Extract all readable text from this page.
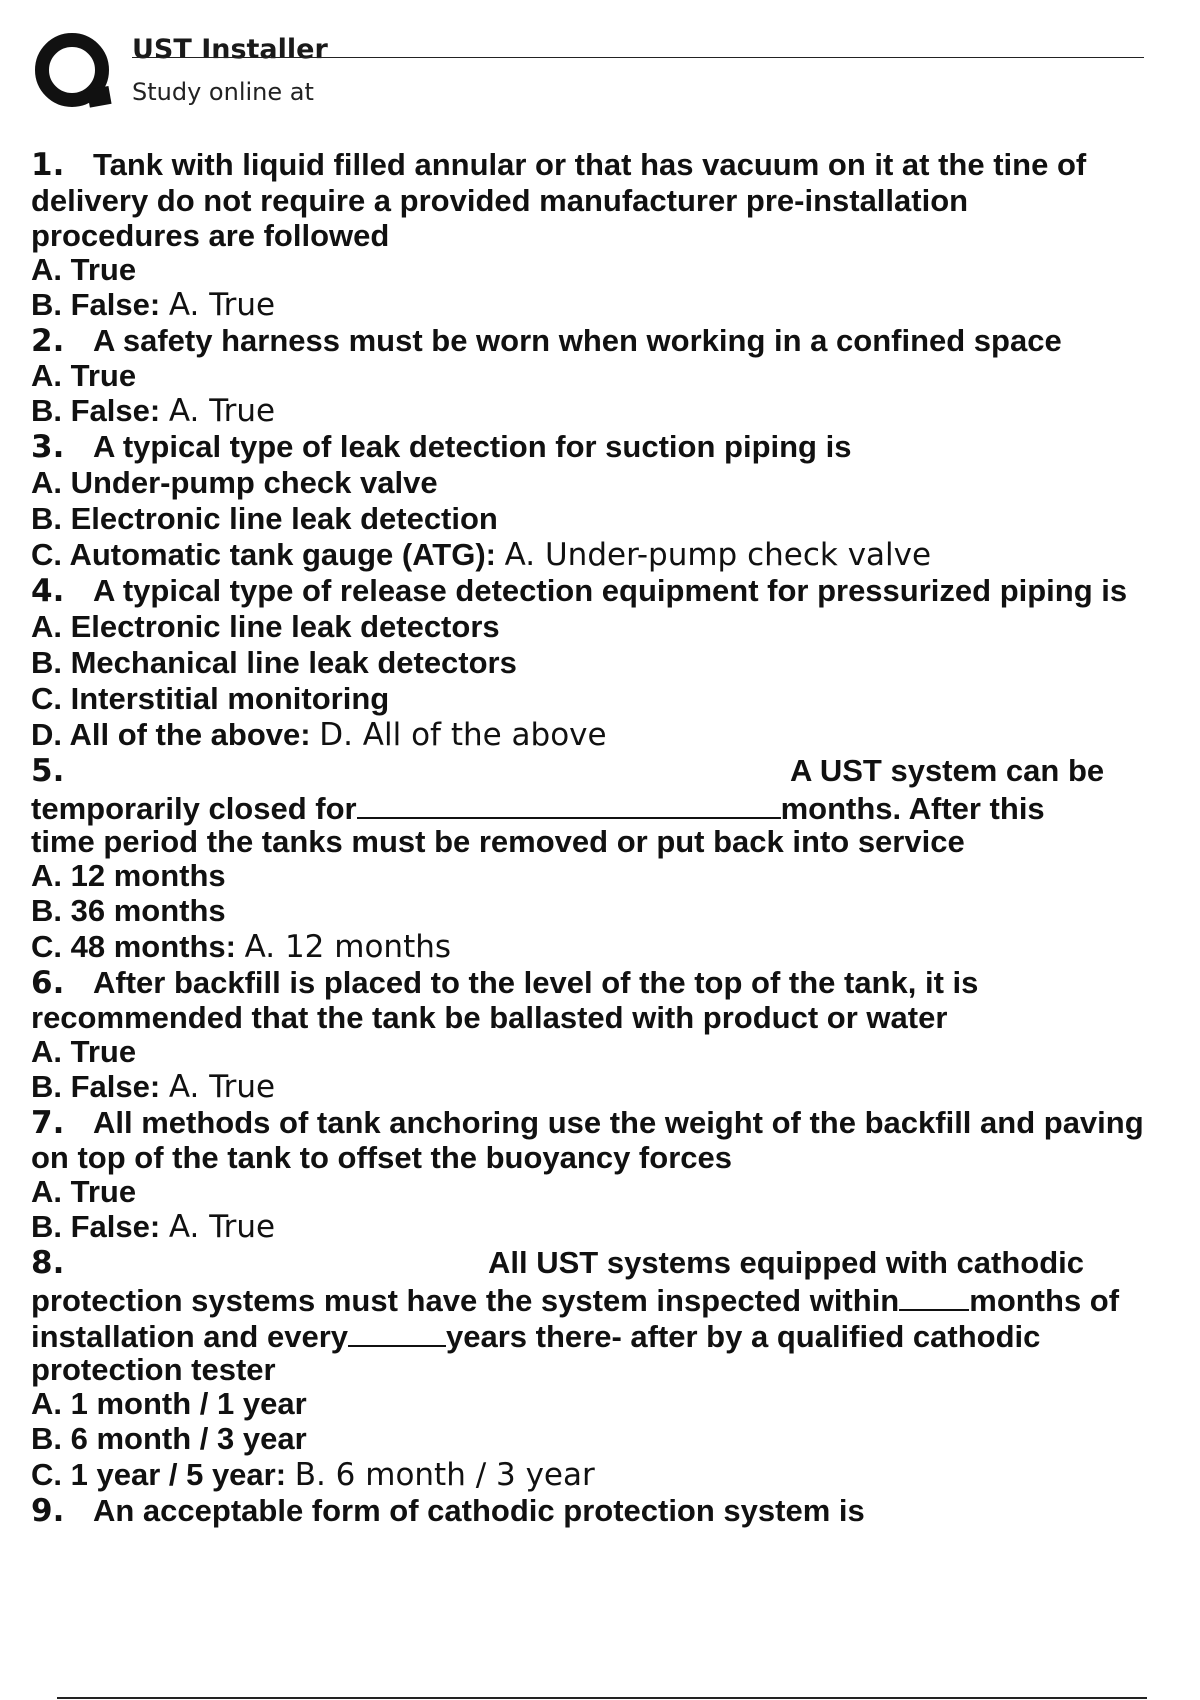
UST Installer
Study online at
1. Tank with liquid filled annular or that has vacuum on it at the tine of
delivery do not require a provided manufacturer pre-installation
procedures are followed
A. True
B. False: A. True
2. A safety harness must be worn when working in a confined space
A. True
B. False: A. True
3. A typical type of leak detection for suction piping is
A. Under-pump check valve
B. Electronic line leak detection
C. Automatic tank gauge (ATG): A. Under-pump check valve
4. A typical type of release detection equipment for pressurized piping is
A. Electronic line leak detectors
B. Mechanical line leak detectors
C. Interstitial monitoring
D. All of the above: D. All of the above
5.	A UST system can be
temporarily closed for	months. After this
time period the tanks must be removed or put back into service
A. 12 months
B. 36 months
C. 48 months: A. 12 months
6. After backfill is placed to the level of the top of the tank, it is
recommended that the tank be ballasted with product or water
A. True
B. False: A. True
7. All methods of tank anchoring use the weight of the backfill and paving
on top of the tank to offset the buoyancy forces
A. True
B. False: A. True
8.	All UST systems equipped with cathodic
protection systems must have the system inspected within months of
installation and every	years there- after by a qualified cathodic
protection tester
A. 1 month / 1 year
B. 6 month / 3 year
C. 1 year / 5 year: B. 6 month / 3 year
9. An acceptable form of cathodic protection system is
